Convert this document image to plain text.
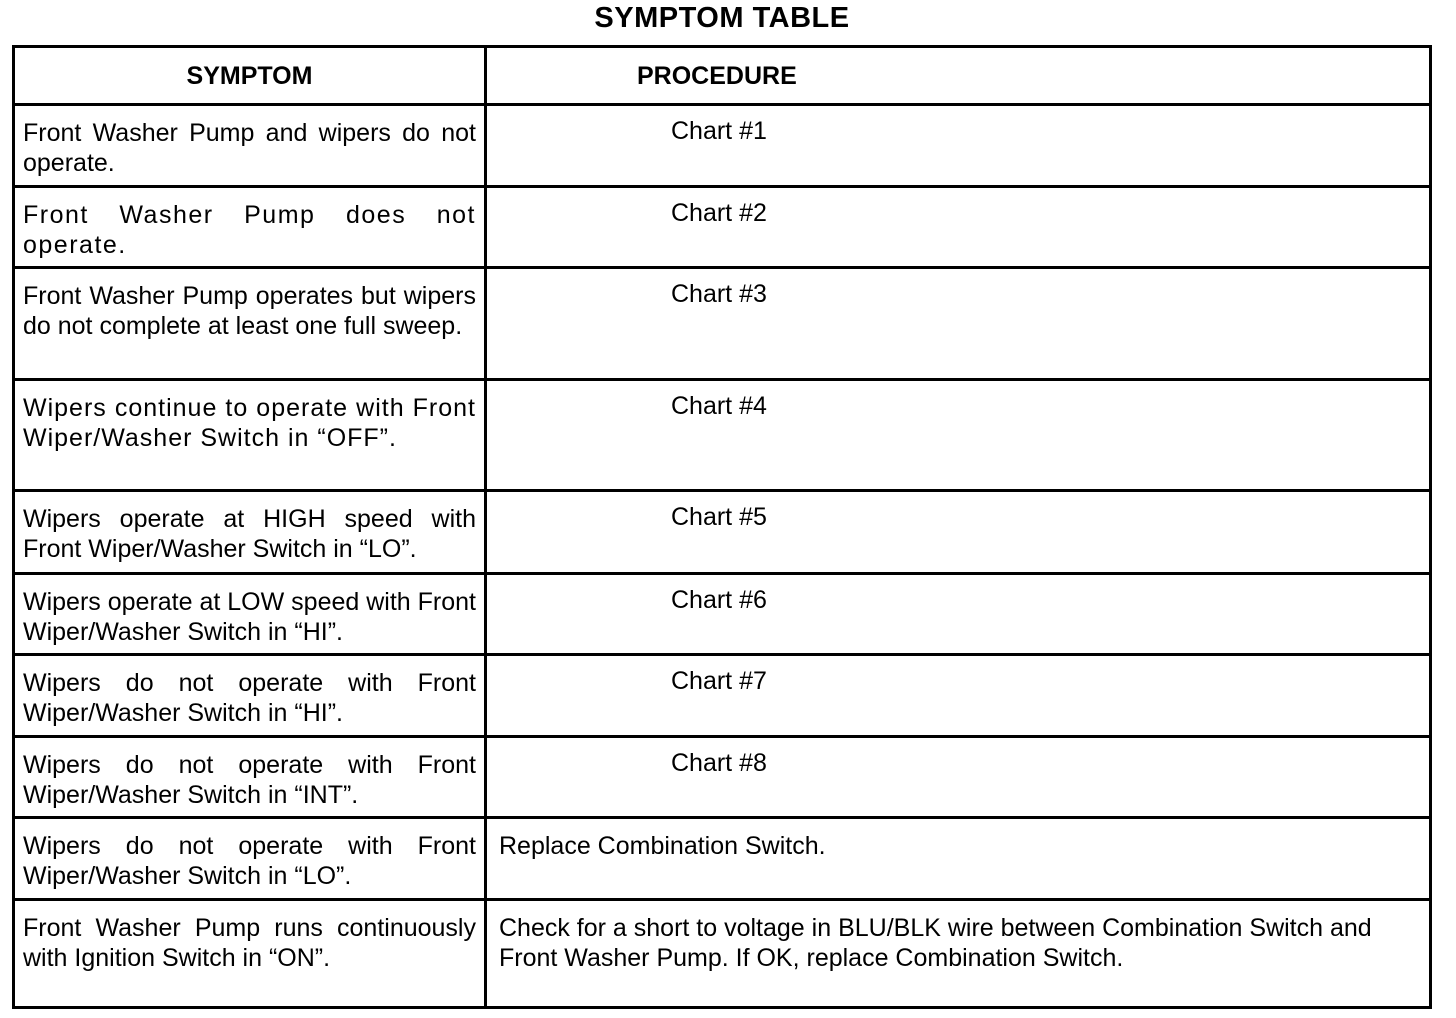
SYMPTOM TABLE
SYMPTOM	PROCEDURE
Front Washer Pump and wipers do not operate.
Chart #1
Front Washer Pump does not operate.
Chart #2
Front Washer Pump operates but wipers do not complete at least one full sweep.
Chart #3
Wipers continue to operate with Front Wiper/Washer Switch in “OFF”.
Chart #4
Wipers operate at HIGH speed with Front Wiper/Washer Switch in “LO”.
Chart #5
Wipers operate at LOW speed with Front Wiper/Washer Switch in “HI”.
Chart #6
Wipers do not operate with Front Wiper/Washer Switch in “HI”.
Chart #7
Wipers do not operate with Front Wiper/Washer Switch in “INT”.
Chart #8
Wipers do not operate with Front Wiper/Washer Switch in “LO”.
Replace Combination Switch.
Front Washer Pump runs continuously with Ignition Switch in “ON”.
Check for a short to voltage in BLU/BLK wire between Combination Switch and Front Washer Pump. If OK, replace Combination Switch.
